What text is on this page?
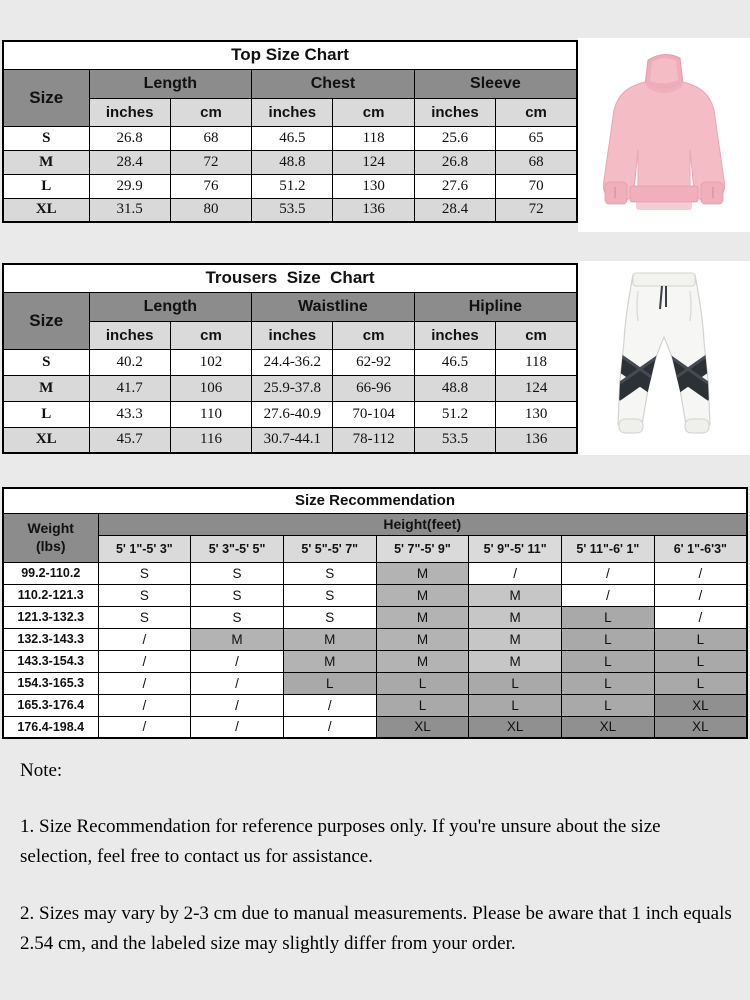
Top Size Chart						
Size	Length		Chest		Sleeve	
	inches	cm	inches	cm	inches	cm
S	26.8	68	46.5	118	25.6	65
M	28.4	72	48.8	124	26.8	68
L	29.9	76	51.2	130	27.6	70
XL	31.5	80	53.5	136	28.4	72
Trousers  Size  Chart						
Size	Length		Waistline		Hipline	
	inches	cm	inches	cm	inches	cm
S	40.2	102	24.4-36.2	62-92	46.5	118
M	41.7	106	25.9-37.8	66-96	48.8	124
L	43.3	110	27.6-40.9	70-104	51.2	130
XL	45.7	116	30.7-44.1	78-112	53.5	136
Size Recommendation							
Weight
(lbs)	Height(feet)						
	5' 1"-5' 3"	5' 3"-5' 5"	5' 5"-5' 7"	5' 7"-5' 9"	5' 9"-5' 11"	5' 11"-6' 1"	6' 1"-6'3"
99.2-110.2	S	S	S	M	/	/	/
110.2-121.3	S	S	S	M	M	/	/
121.3-132.3	S	S	S	M	M	L	/
132.3-143.3	/	M	M	M	M	L	L
143.3-154.3	/	/	M	M	M	L	L
154.3-165.3	/	/	L	L	L	L	L
165.3-176.4	/	/	/	L	L	L	XL
176.4-198.4	/	/	/	XL	XL	XL	XL

Note:

1. Size Recommendation for reference purposes only. If you're unsure about the size selection, feel free to contact us for assistance.

2. Sizes may vary by 2-3 cm due to manual measurements. Please be aware that 1 inch equals 2.54 cm, and the labeled size may slightly differ from your order.
